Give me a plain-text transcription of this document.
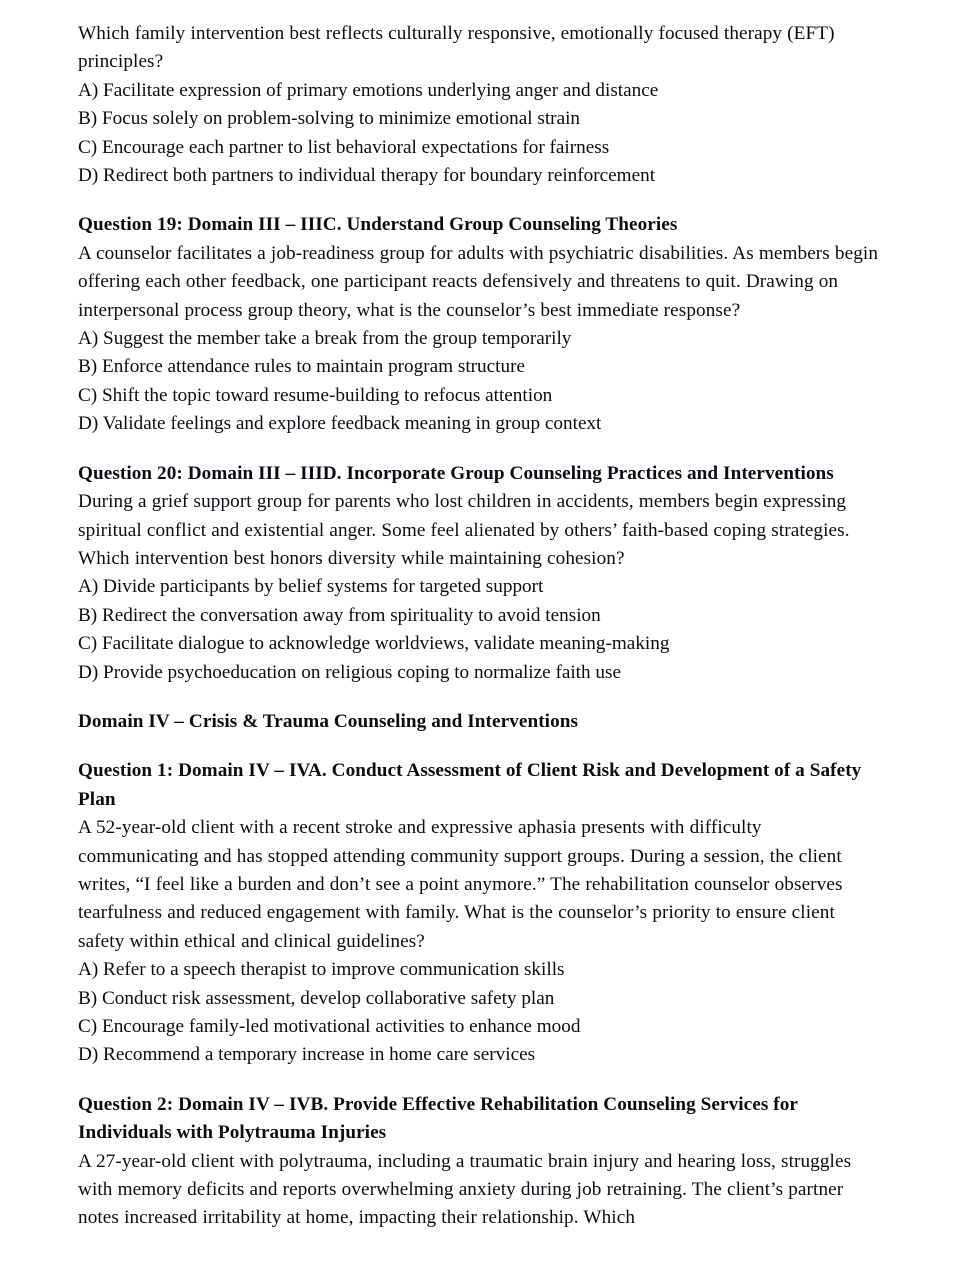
Which family intervention best reflects culturally responsive, emotionally focused therapy (EFT) principles?

A) Facilitate expression of primary emotions underlying anger and distance
B) Focus solely on problem-solving to minimize emotional strain
C) Encourage each partner to list behavioral expectations for fairness
D) Redirect both partners to individual therapy for boundary reinforcement

Question 19: Domain III – IIIC. Understand Group Counseling Theories

A counselor facilitates a job-readiness group for adults with psychiatric disabilities. As members begin offering each other feedback, one participant reacts defensively and threatens to quit. Drawing on interpersonal process group theory, what is the counselor’s best immediate response?

A) Suggest the member take a break from the group temporarily
B) Enforce attendance rules to maintain program structure
C) Shift the topic toward resume-building to refocus attention
D) Validate feelings and explore feedback meaning in group context

Question 20: Domain III – IIID. Incorporate Group Counseling Practices and Interventions

During a grief support group for parents who lost children in accidents, members begin expressing spiritual conflict and existential anger. Some feel alienated by others’ faith-based coping strategies. Which intervention best honors diversity while maintaining cohesion?

A) Divide participants by belief systems for targeted support
B) Redirect the conversation away from spirituality to avoid tension
C) Facilitate dialogue to acknowledge worldviews, validate meaning-making
D) Provide psychoeducation on religious coping to normalize faith use

Domain IV – Crisis & Trauma Counseling and Interventions

Question 1: Domain IV – IVA. Conduct Assessment of Client Risk and Development of a Safety Plan

A 52-year-old client with a recent stroke and expressive aphasia presents with difficulty communicating and has stopped attending community support groups. During a session, the client writes, “I feel like a burden and don’t see a point anymore.” The rehabilitation counselor observes tearfulness and reduced engagement with family. What is the counselor’s priority to ensure client safety within ethical and clinical guidelines?

A) Refer to a speech therapist to improve communication skills
B) Conduct risk assessment, develop collaborative safety plan
C) Encourage family-led motivational activities to enhance mood
D) Recommend a temporary increase in home care services

Question 2: Domain IV – IVB. Provide Effective Rehabilitation Counseling Services for Individuals with Polytrauma Injuries

A 27-year-old client with polytrauma, including a traumatic brain injury and hearing loss, struggles with memory deficits and reports overwhelming anxiety during job retraining. The client’s partner notes increased irritability at home, impacting their relationship. Which
